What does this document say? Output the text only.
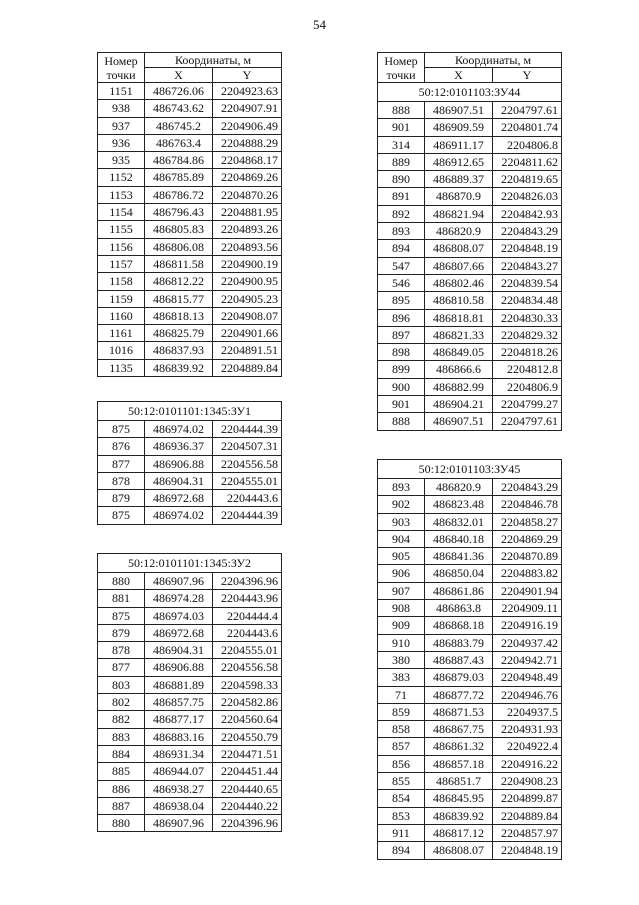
54
Номер
точки	Координаты, м	
	X	Y
1151	486726.06	2204923.63
938	486743.62	2204907.91
937	486745.2	2204906.49
936	486763.4	2204888.29
935	486784.86	2204868.17
1152	486785.89	2204869.26
1153	486786.72	2204870.26
1154	486796.43	2204881.95
1155	486805.83	2204893.26
1156	486806.08	2204893.56
1157	486811.58	2204900.19
1158	486812.22	2204900.95
1159	486815.77	2204905.23
1160	486818.13	2204908.07
1161	486825.79	2204901.66
1016	486837.93	2204891.51
1135	486839.92	2204889.84
50:12:0101101:1345:ЗУ1		
875	486974.02	2204444.39
876	486936.37	2204507.31
877	486906.88	2204556.58
878	486904.31	2204555.01
879	486972.68	2204443.6
875	486974.02	2204444.39
50:12:0101101:1345:ЗУ2		
880	486907.96	2204396.96
881	486974.28	2204443.96
875	486974.03	2204444.4
879	486972.68	2204443.6
878	486904.31	2204555.01
877	486906.88	2204556.58
803	486881.89	2204598.33
802	486857.75	2204582.86
882	486877.17	2204560.64
883	486883.16	2204550.79
884	486931.34	2204471.51
885	486944.07	2204451.44
886	486938.27	2204440.65
887	486938.04	2204440.22
880	486907.96	2204396.96
Номер
точки	Координаты, м	
	X	Y
50:12:0101103:ЗУ44		
888	486907.51	2204797.61
901	486909.59	2204801.74
314	486911.17	2204806.8
889	486912.65	2204811.62
890	486889.37	2204819.65
891	486870.9	2204826.03
892	486821.94	2204842.93
893	486820.9	2204843.29
894	486808.07	2204848.19
547	486807.66	2204843.27
546	486802.46	2204839.54
895	486810.58	2204834.48
896	486818.81	2204830.33
897	486821.33	2204829.32
898	486849.05	2204818.26
899	486866.6	2204812.8
900	486882.99	2204806.9
901	486904.21	2204799.27
888	486907.51	2204797.61
50:12:0101103:ЗУ45		
893	486820.9	2204843.29
902	486823.48	2204846.78
903	486832.01	2204858.27
904	486840.18	2204869.29
905	486841.36	2204870.89
906	486850.04	2204883.82
907	486861.86	2204901.94
908	486863.8	2204909.11
909	486868.18	2204916.19
910	486883.79	2204937.42
380	486887.43	2204942.71
383	486879.03	2204948.49
71	486877.72	2204946.76
859	486871.53	2204937.5
858	486867.75	2204931.93
857	486861.32	2204922.4
856	486857.18	2204916.22
855	486851.7	2204908.23
854	486845.95	2204899.87
853	486839.92	2204889.84
911	486817.12	2204857.97
894	486808.07	2204848.19
